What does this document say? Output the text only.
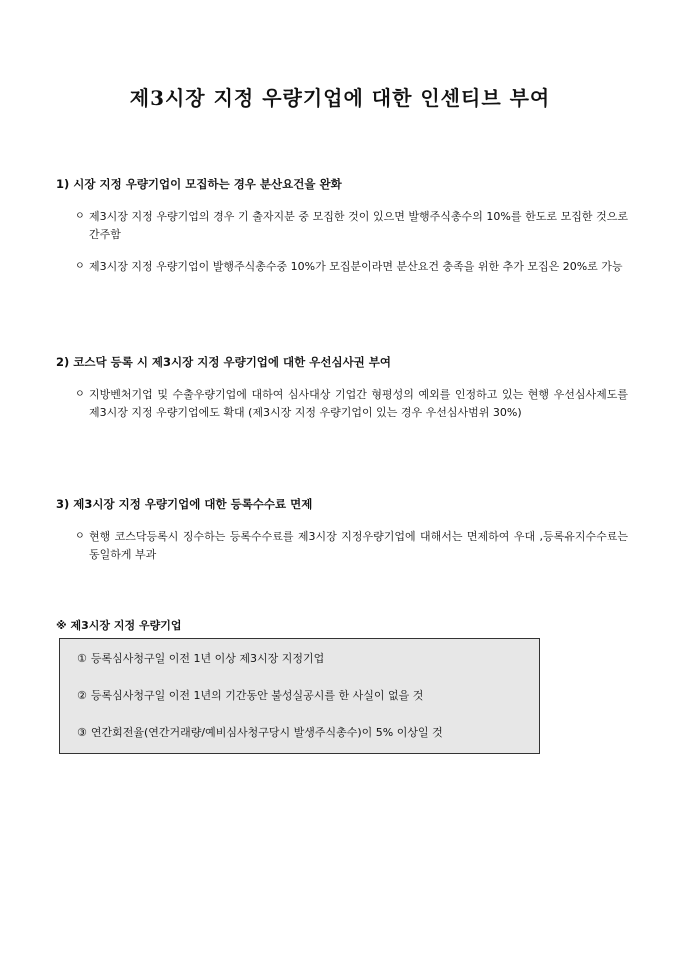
제3시장 지정 우량기업에 대한 인센티브 부여

1) 시장 지정 우량기업이 모집하는 경우 분산요건을 완화

ㅇ 제3시장 지정 우량기업의 경우 기 출자지분 중 모집한 것이 있으면 발행주식총수의 10%를 한도로 모집한 것으로 간주함
ㅇ 제3시장 지정 우량기업이 발행주식총수중 10%가 모집분이라면 분산요건 충족을 위한 추가 모집은 20%로 가능

2) 코스닥 등록 시 제3시장 지정 우량기업에 대한 우선심사권 부여

ㅇ 지방벤처기업 및 수출우량기업에 대하여 심사대상 기업간 형평성의 예외를 인정하고 있는 현행 우선심사제도를 제3시장 지정 우량기업에도 확대 (제3시장 지정 우량기업이 있는 경우 우선심사범위 30%)

3) 제3시장 지정 우량기업에 대한 등록수수료 면제

ㅇ 현행 코스닥등록시 징수하는 등록수수료를 제3시장 지정우량기업에 대해서는 면제하여 우대 ,등록유지수수료는 동일하게 부과

※ 제3시장 지정 우량기업

① 등록심사청구일 이전 1년 이상 제3시장 지정기업
② 등록심사청구일 이전 1년의 기간동안 불성실공시를 한 사실이 없을 것
③ 연간회전율(연간거래량/예비심사청구당시 발생주식총수)이 5% 이상일 것
